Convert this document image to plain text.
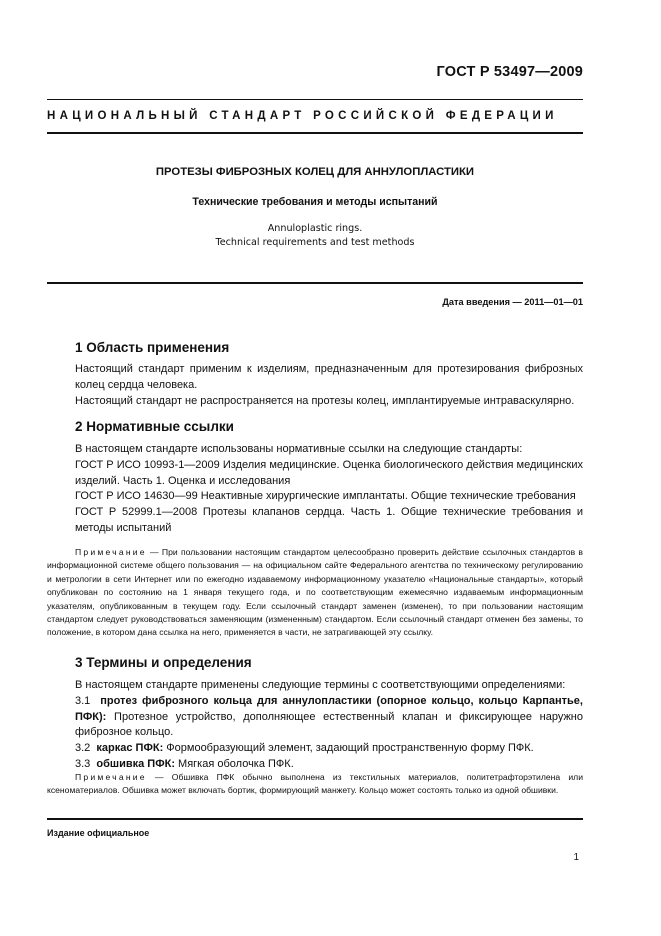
ГОСТ Р 53497—2009
НАЦИОНАЛЬНЫЙ СТАНДАРТ РОССИЙСКОЙ ФЕДЕРАЦИИ
ПРОТЕЗЫ ФИБРОЗНЫХ КОЛЕЦ ДЛЯ АННУЛОПЛАСТИКИ
Технические требования и методы испытаний
Annuloplastic rings.
Technical requirements and test methods
Дата введения — 2011—01—01
1 Область применения
Настоящий стандарт применим к изделиям, предназначенным для протезирования фиброзных колец сердца человека.
Настоящий стандарт не распространяется на протезы колец, имплантируемые интраваскулярно.
2 Нормативные ссылки
В настоящем стандарте использованы нормативные ссылки на следующие стандарты:
ГОСТ Р ИСО 10993-1—2009 Изделия медицинские. Оценка биологического действия медицинских изделий. Часть 1. Оценка и исследования
ГОСТ Р ИСО 14630—99 Неактивные хирургические имплантаты. Общие технические требования
ГОСТ Р 52999.1—2008 Протезы клапанов сердца. Часть 1. Общие технические требования и методы испытаний
Примечание — При пользовании настоящим стандартом целесообразно проверить действие ссылочных стандартов в информационной системе общего пользования — на официальном сайте Федерального агентства по техническому регулированию и метрологии в сети Интернет или по ежегодно издаваемому информационному указателю «Национальные стандарты», который опубликован по состоянию на 1 января текущего года, и по соответствующим ежемесячно издаваемым информационным указателям, опубликованным в текущем году. Если ссылочный стандарт заменен (изменен), то при пользовании настоящим стандартом следует руководствоваться заменяющим (измененным) стандартом. Если ссылочный стандарт отменен без замены, то положение, в котором дана ссылка на него, применяется в части, не затрагивающей эту ссылку.
3 Термины и определения
В настоящем стандарте применены следующие термины с соответствующими определениями:
3.1 протез фиброзного кольца для аннулопластики (опорное кольцо, кольцо Карпантье, ПФК): Протезное устройство, дополняющее естественный клапан и фиксирующее наружно фиброзное кольцо.
3.2 каркас ПФК: Формообразующий элемент, задающий пространственную форму ПФК.
3.3 обшивка ПФК: Мягкая оболочка ПФК.
Примечание — Обшивка ПФК обычно выполнена из текстильных материалов, политетрафторэтилена или ксеноматериалов. Обшивка может включать бортик, формирующий манжету. Кольцо может состоять только из одной обшивки.
Издание официальное
1
